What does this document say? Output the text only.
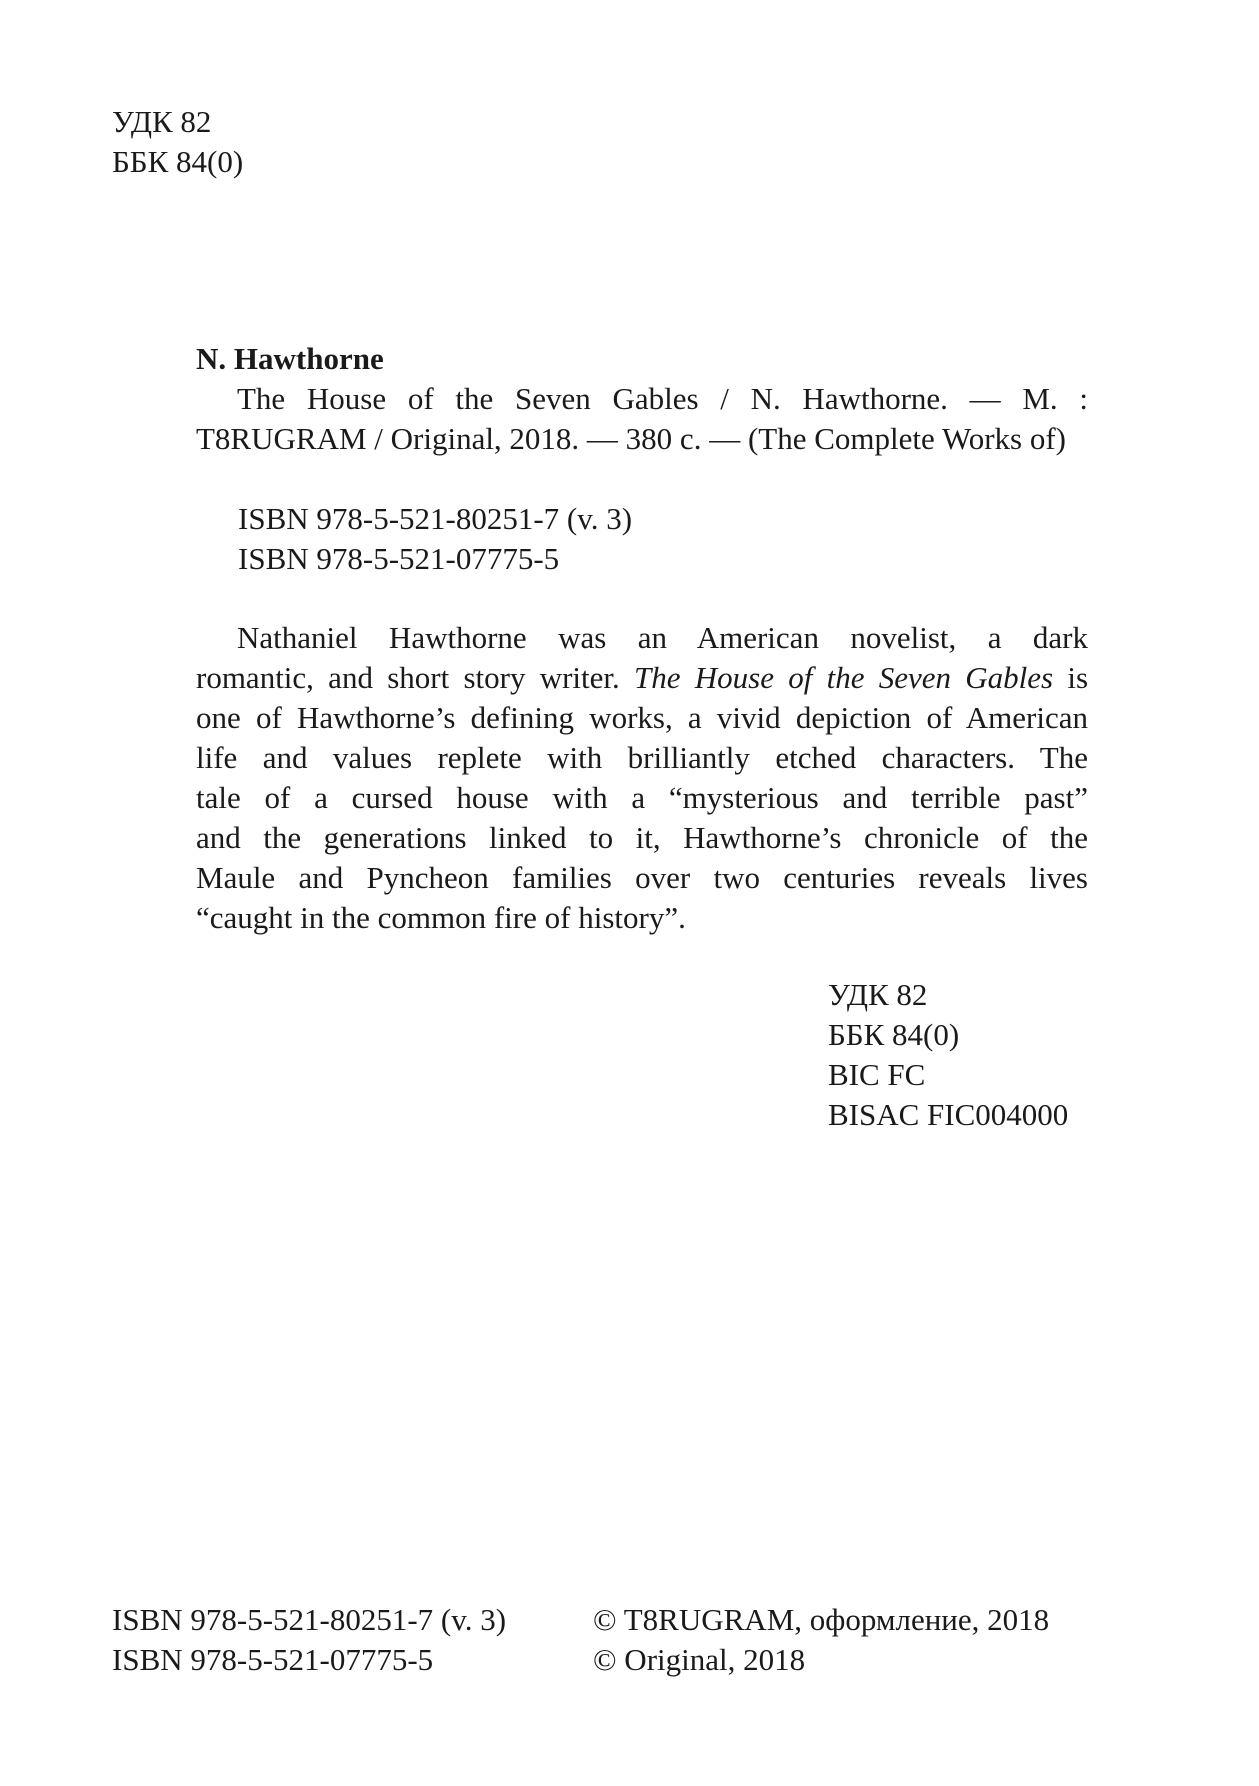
УДК 82

ББК 84(0)

N. Hawthorne

The House of the Seven Gables / N. Hawthorne. — М. :

T8RUGRAM / Original, 2018. — 380 с. — (The Complete Works of)

ISBN 978-5-521-80251-7 (v. 3)

ISBN 978-5-521-07775-5

Nathaniel Hawthorne was an American novelist, a dark

romantic, and short story writer. The House of the Seven Gables is

one of Hawthorne’s defining works, a vivid depiction of American

life and values replete with brilliantly etched characters. The

tale of a cursed house with a “mysterious and terrible past”

and the generations linked to it, Hawthorne’s chronicle of the

Maule and Pyncheon families over two centuries reveals lives

“caught in the common fire of history”.

УДК 82

ББК 84(0)

BIC FC

BISAC FIC004000

ISBN 978-5-521-80251-7 (v. 3)

ISBN 978-5-521-07775-5

© T8RUGRAM, оформление, 2018

© Original, 2018
